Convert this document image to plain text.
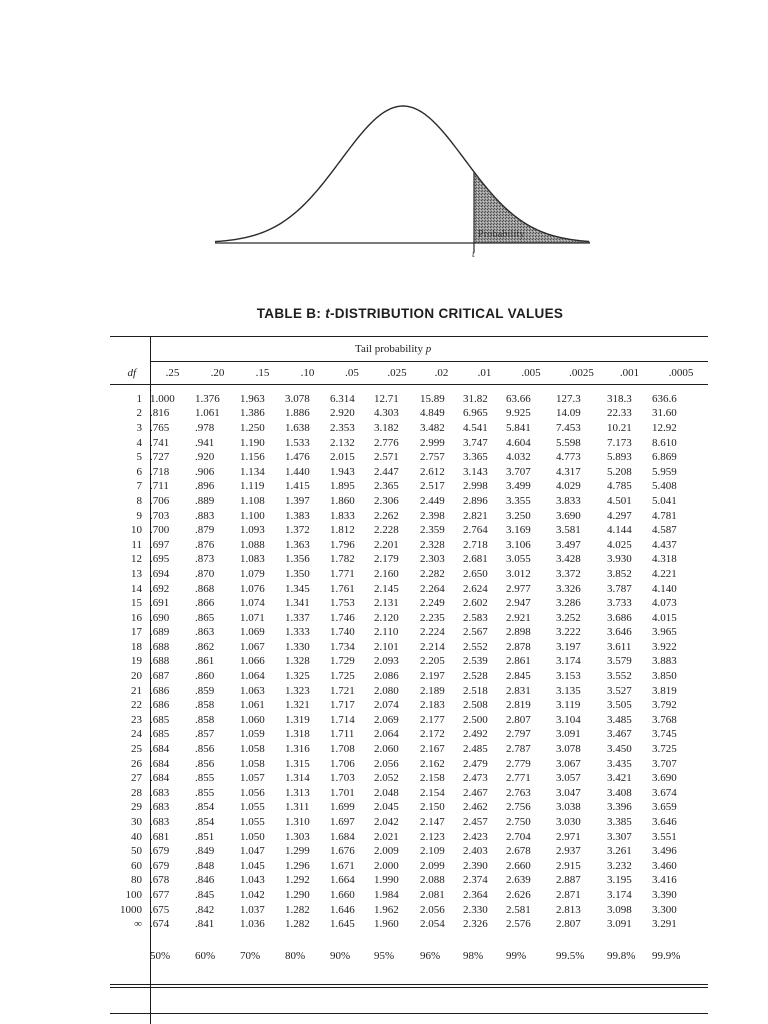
Probability
t
TABLE B: t-DISTRIBUTION CRITICAL VALUES
Tail probability p
df	.25	.20	.15	.10	.05	.025	.02	.01	.005	.0025	.001	.0005
1	1.000	1.376	1.963	3.078	6.314	12.71	15.89	31.82	63.66	127.3	318.3	636.6
2	.816	1.061	1.386	1.886	2.920	4.303	4.849	6.965	9.925	14.09	22.33	31.60
3	.765	.978	1.250	1.638	2.353	3.182	3.482	4.541	5.841	7.453	10.21	12.92
4	.741	.941	1.190	1.533	2.132	2.776	2.999	3.747	4.604	5.598	7.173	8.610
5	.727	.920	1.156	1.476	2.015	2.571	2.757	3.365	4.032	4.773	5.893	6.869
6	.718	.906	1.134	1.440	1.943	2.447	2.612	3.143	3.707	4.317	5.208	5.959
7	.711	.896	1.119	1.415	1.895	2.365	2.517	2.998	3.499	4.029	4.785	5.408
8	.706	.889	1.108	1.397	1.860	2.306	2.449	2.896	3.355	3.833	4.501	5.041
9	.703	.883	1.100	1.383	1.833	2.262	2.398	2.821	3.250	3.690	4.297	4.781
10	.700	.879	1.093	1.372	1.812	2.228	2.359	2.764	3.169	3.581	4.144	4.587
11	.697	.876	1.088	1.363	1.796	2.201	2.328	2.718	3.106	3.497	4.025	4.437
12	.695	.873	1.083	1.356	1.782	2.179	2.303	2.681	3.055	3.428	3.930	4.318
13	.694	.870	1.079	1.350	1.771	2.160	2.282	2.650	3.012	3.372	3.852	4.221
14	.692	.868	1.076	1.345	1.761	2.145	2.264	2.624	2.977	3.326	3.787	4.140
15	.691	.866	1.074	1.341	1.753	2.131	2.249	2.602	2.947	3.286	3.733	4.073
16	.690	.865	1.071	1.337	1.746	2.120	2.235	2.583	2.921	3.252	3.686	4.015
17	.689	.863	1.069	1.333	1.740	2.110	2.224	2.567	2.898	3.222	3.646	3.965
18	.688	.862	1.067	1.330	1.734	2.101	2.214	2.552	2.878	3.197	3.611	3.922
19	.688	.861	1.066	1.328	1.729	2.093	2.205	2.539	2.861	3.174	3.579	3.883
20	.687	.860	1.064	1.325	1.725	2.086	2.197	2.528	2.845	3.153	3.552	3.850
21	.686	.859	1.063	1.323	1.721	2.080	2.189	2.518	2.831	3.135	3.527	3.819
22	.686	.858	1.061	1.321	1.717	2.074	2.183	2.508	2.819	3.119	3.505	3.792
23	.685	.858	1.060	1.319	1.714	2.069	2.177	2.500	2.807	3.104	3.485	3.768
24	.685	.857	1.059	1.318	1.711	2.064	2.172	2.492	2.797	3.091	3.467	3.745
25	.684	.856	1.058	1.316	1.708	2.060	2.167	2.485	2.787	3.078	3.450	3.725
26	.684	.856	1.058	1.315	1.706	2.056	2.162	2.479	2.779	3.067	3.435	3.707
27	.684	.855	1.057	1.314	1.703	2.052	2.158	2.473	2.771	3.057	3.421	3.690
28	.683	.855	1.056	1.313	1.701	2.048	2.154	2.467	2.763	3.047	3.408	3.674
29	.683	.854	1.055	1.311	1.699	2.045	2.150	2.462	2.756	3.038	3.396	3.659
30	.683	.854	1.055	1.310	1.697	2.042	2.147	2.457	2.750	3.030	3.385	3.646
40	.681	.851	1.050	1.303	1.684	2.021	2.123	2.423	2.704	2.971	3.307	3.551
50	.679	.849	1.047	1.299	1.676	2.009	2.109	2.403	2.678	2.937	3.261	3.496
60	.679	.848	1.045	1.296	1.671	2.000	2.099	2.390	2.660	2.915	3.232	3.460
80	.678	.846	1.043	1.292	1.664	1.990	2.088	2.374	2.639	2.887	3.195	3.416
100	.677	.845	1.042	1.290	1.660	1.984	2.081	2.364	2.626	2.871	3.174	3.390
1000	.675	.842	1.037	1.282	1.646	1.962	2.056	2.330	2.581	2.813	3.098	3.300
∞	.674	.841	1.036	1.282	1.645	1.960	2.054	2.326	2.576	2.807	3.091	3.291
	50%	60%	70%	80%	90%	95%	96%	98%	99%	99.5%	99.8%	99.9%
